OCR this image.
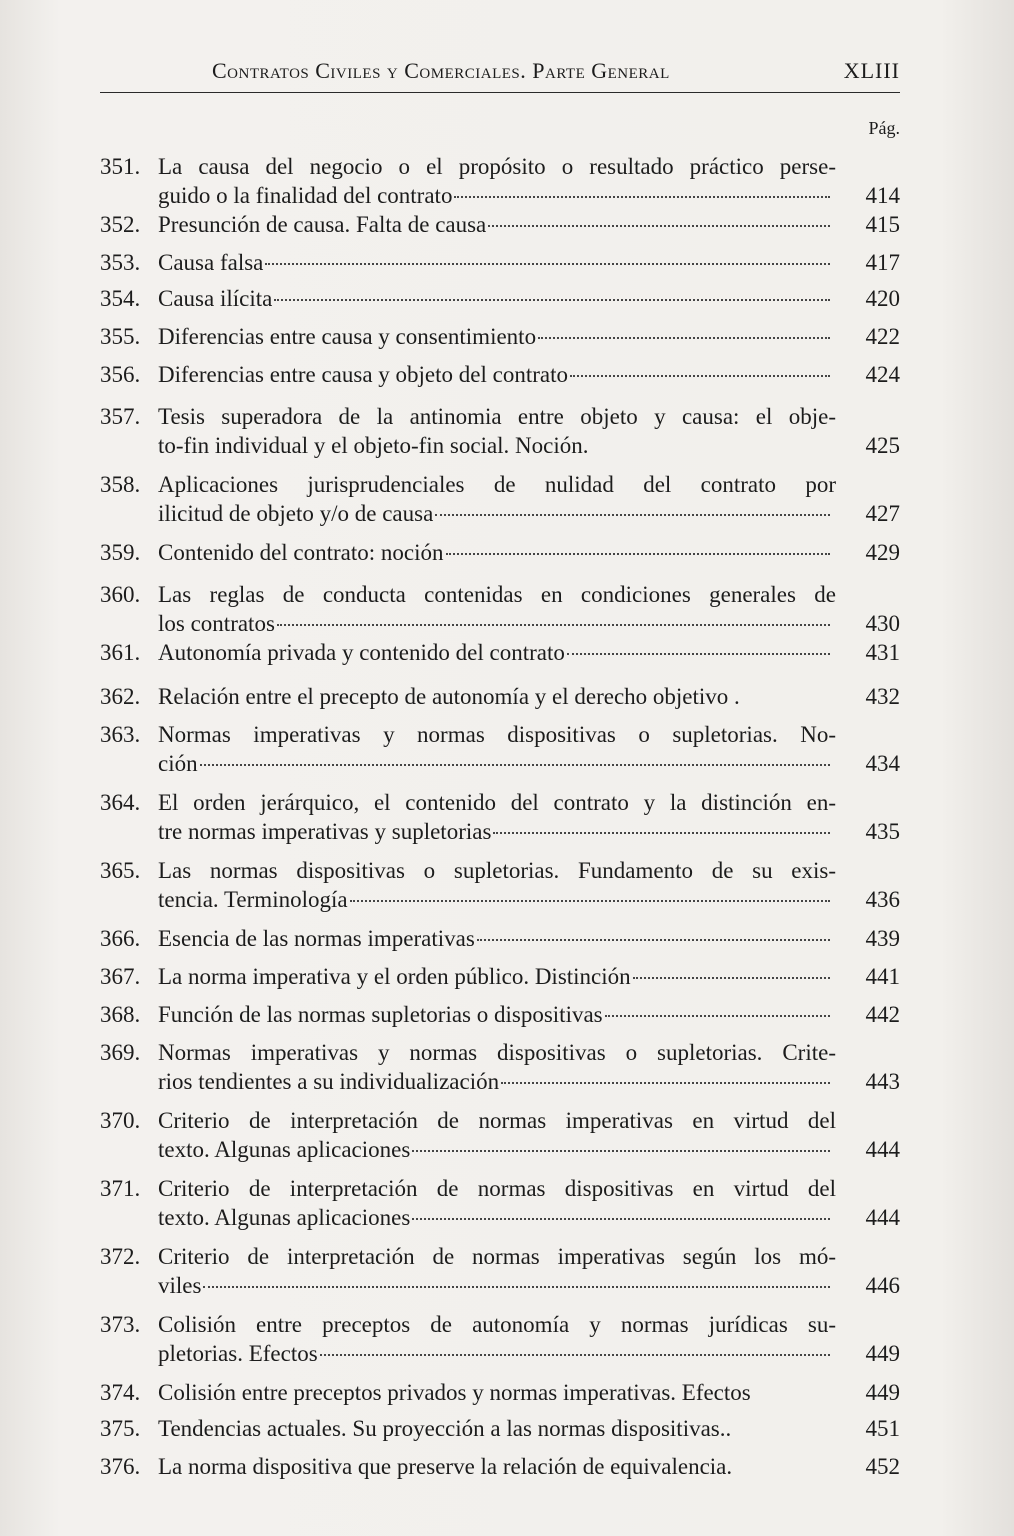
Contratos Civiles y Comerciales. Parte General	XLIII
Pág.
351. La causa del negocio o el propósito o resultado práctico perse-
guido o la finalidad del contrato	414
352. Presunción de causa. Falta de causa	415
353. Causa falsa	417
354. Causa ilícita	420
355. Diferencias entre causa y consentimiento	422
356. Diferencias entre causa y objeto del contrato	424
357. Tesis superadora de la antinomia entre objeto y causa: el obje-
to-fin individual y el objeto-fin social. Noción.	425
358. Aplicaciones jurisprudenciales de nulidad del contrato por
ilicitud de objeto y/o de causa	427
359. Contenido del contrato: noción	429
360. Las reglas de conducta contenidas en condiciones generales de
los contratos	430
361. Autonomía privada y contenido del contrato	431
362. Relación entre el precepto de autonomía y el derecho objetivo .	432
363. Normas imperativas y normas dispositivas o supletorias. No-
ción	434
364. El orden jerárquico, el contenido del contrato y la distinción en-
tre normas imperativas y supletorias	435
365. Las normas dispositivas o supletorias. Fundamento de su exis-
tencia. Terminología	436
366. Esencia de las normas imperativas	439
367. La norma imperativa y el orden público. Distinción	441
368. Función de las normas supletorias o dispositivas	442
369. Normas imperativas y normas dispositivas o supletorias. Crite-
rios tendientes a su individualización	443
370. Criterio de interpretación de normas imperativas en virtud del
texto. Algunas aplicaciones	444
371. Criterio de interpretación de normas dispositivas en virtud del
texto. Algunas aplicaciones	444
372. Criterio de interpretación de normas imperativas según los mó-
viles	446
373. Colisión entre preceptos de autonomía y normas jurídicas su-
pletorias. Efectos	449
374. Colisión entre preceptos privados y normas imperativas. Efectos	449
375. Tendencias actuales. Su proyección a las normas dispositivas..	451
376. La norma dispositiva que preserve la relación de equivalencia.	452
